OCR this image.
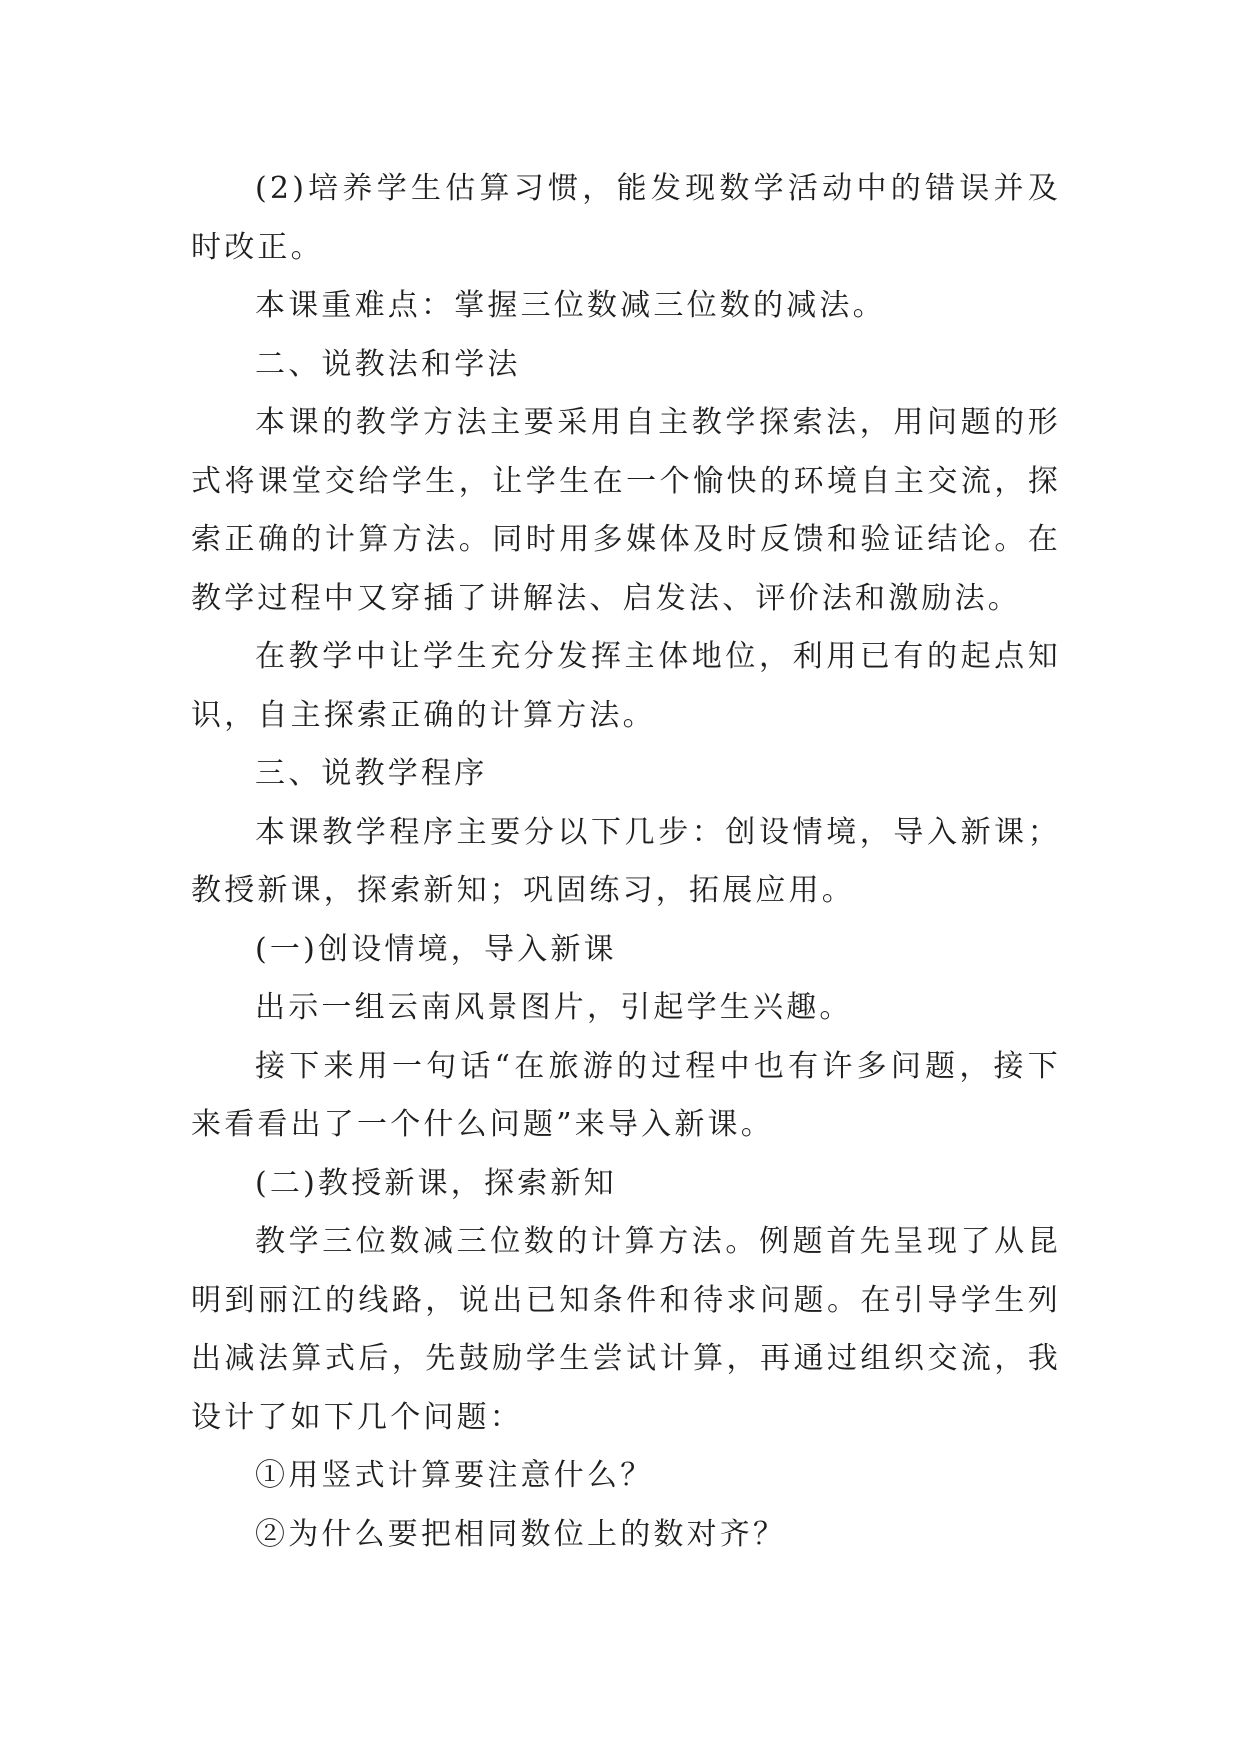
(2)培养学生估算习惯，能发现数学活动中的错误并及时改正。

本课重难点：掌握三位数减三位数的减法。

二、说教法和学法

本课的教学方法主要采用自主教学探索法，用问题的形式将课堂交给学生，让学生在一个愉快的环境自主交流，探索正确的计算方法。同时用多媒体及时反馈和验证结论。在教学过程中又穿插了讲解法、启发法、评价法和激励法。

在教学中让学生充分发挥主体地位，利用已有的起点知识，自主探索正确的计算方法。

三、说教学程序

本课教学程序主要分以下几步：创设情境，导入新课；教授新课，探索新知；巩固练习，拓展应用。

(一)创设情境，导入新课

出示一组云南风景图片，引起学生兴趣。

接下来用一句话“在旅游的过程中也有许多问题，接下来看看出了一个什么问题”来导入新课。

(二)教授新课，探索新知

教学三位数减三位数的计算方法。例题首先呈现了从昆明到丽江的线路，说出已知条件和待求问题。在引导学生列出减法算式后，先鼓励学生尝试计算，再通过组织交流，我设计了如下几个问题：

①用竖式计算要注意什么？

②为什么要把相同数位上的数对齐？
